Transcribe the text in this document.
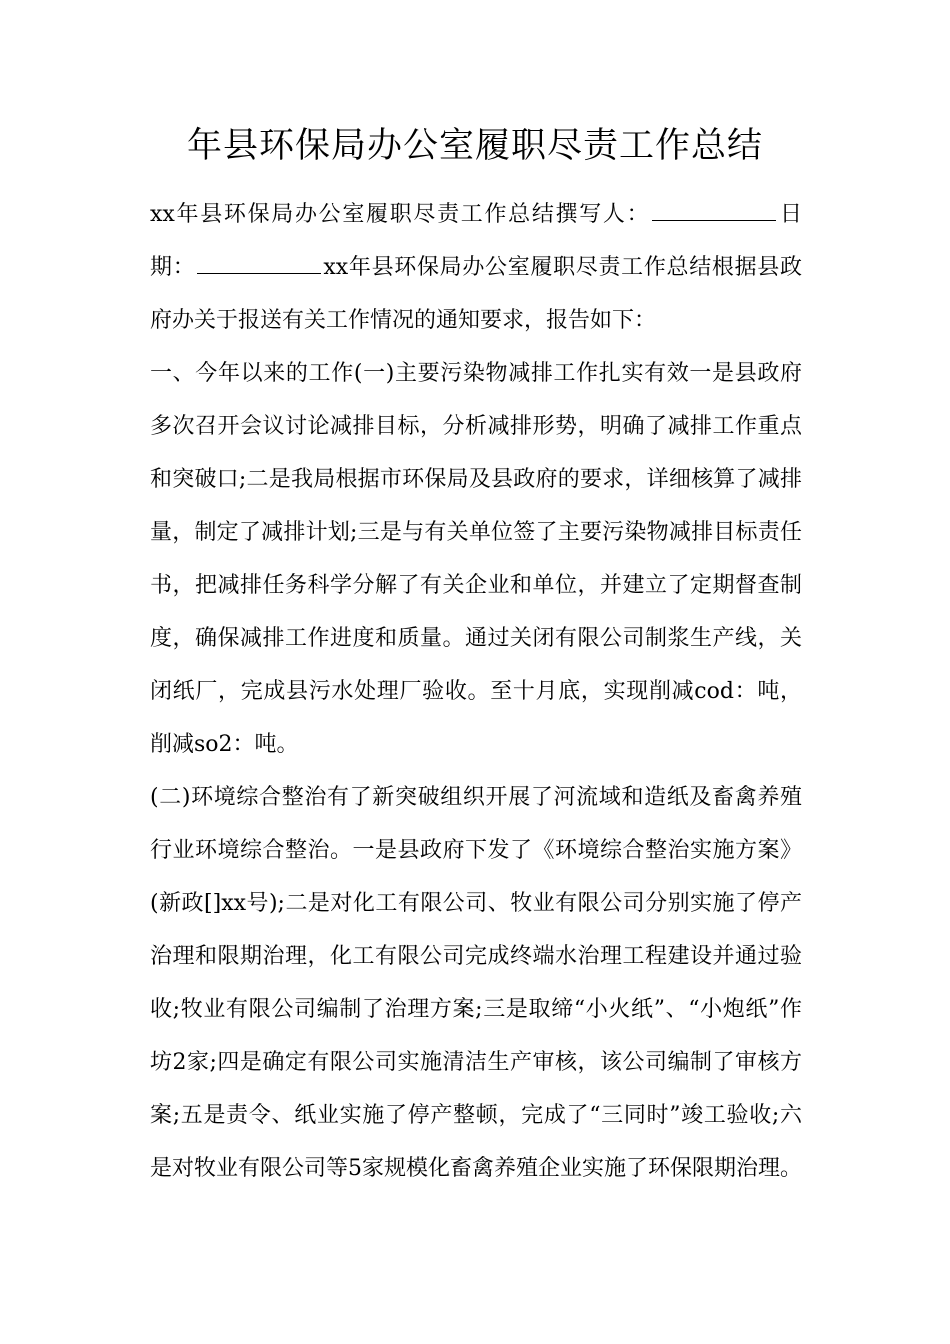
年县环保局办公室履职尽责工作总结

xx年县环保局办公室履职尽责工作总结撰写人：	日期：	xx年县环保局办公室履职尽责工作总结根据县政府办关于报送有关工作情况的通知要求，报告如下：

一、今年以来的工作(一)主要污染物减排工作扎实有效一是县政府多次召开会议讨论减排目标，分析减排形势，明确了减排工作重点和突破口;二是我局根据市环保局及县政府的要求，详细核算了减排量，制定了减排计划;三是与有关单位签了主要污染物减排目标责任书，把减排任务科学分解了有关企业和单位，并建立了定期督查制度，确保减排工作进度和质量。通过关闭有限公司制浆生产线，关闭纸厂，完成县污水处理厂验收。至十月底，实现削减cod：吨，削减so2：吨。

(二)环境综合整治有了新突破组织开展了河流域和造纸及畜禽养殖行业环境综合整治。一是县政府下发了《环境综合整治实施方案》(新政[]xx号);二是对化工有限公司、牧业有限公司分别实施了停产治理和限期治理，化工有限公司完成终端水治理工程建设并通过验收;牧业有限公司编制了治理方案;三是取缔“小火纸”、“小炮纸”作坊2家;四是确定有限公司实施清洁生产审核，该公司编制了审核方案;五是责令、纸业实施了停产整顿，完成了“三同时”竣工验收;六是对牧业有限公司等5家规模化畜禽养殖企业实施了环保限期治理。
